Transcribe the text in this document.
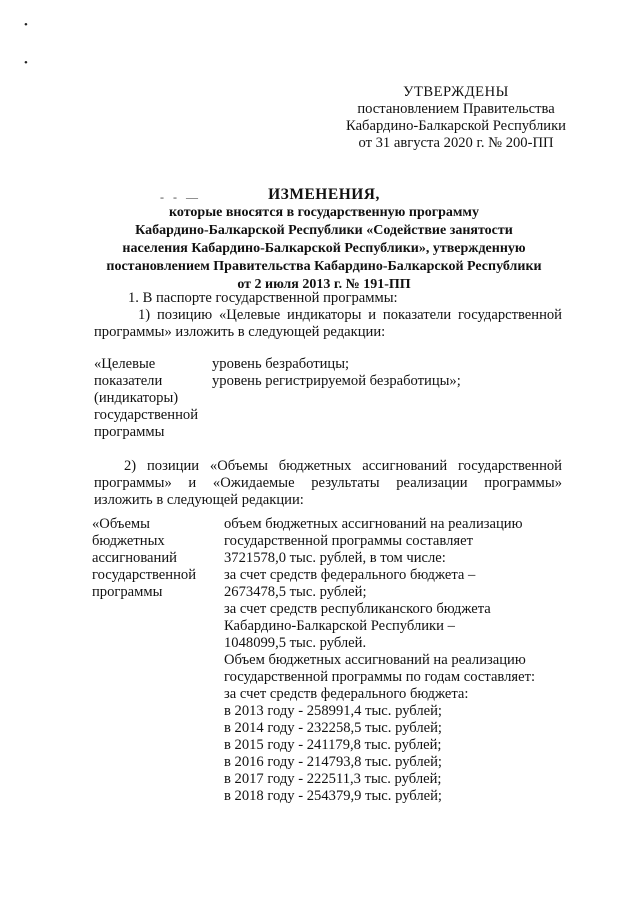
•
•
УТВЕРЖДЕНЫ
постановлением Правительства
Кабардино-Балкарской Республики
от 31 августа 2020 г. № 200-ПП
- - —	ИЗМЕНЕНИЯ,
которые вносятся в государственную программу
Кабардино-Балкарской Республики «Содействие занятости
населения Кабардино-Балкарской Республики», утвержденную
постановлением Правительства Кабардино-Балкарской Республики
от 2 июля 2013 г. № 191-ПП
1. В паспорте государственной программы:
1) позицию «Целевые индикаторы и показатели государственной
программы» изложить в следующей редакции:
«Целевые
показатели
(индикаторы)
государственной
программы
уровень безработицы;
уровень регистрируемой безработицы»;
2) позиции «Объемы бюджетных ассигнований государственной
программы» и «Ожидаемые результаты реализации программы»
изложить в следующей редакции:
«Объемы
бюджетных
ассигнований
государственной
программы
объем бюджетных ассигнований на реализацию
государственной программы составляет
3721578,0 тыс. рублей, в том числе:
за счет средств федерального бюджета –
2673478,5 тыс. рублей;
за счет средств республиканского бюджета
Кабардино-Балкарской Республики –
1048099,5 тыс. рублей.
Объем бюджетных ассигнований на реализацию
государственной программы по годам составляет:
за счет средств федерального бюджета:
в 2013 году - 258991,4 тыс. рублей;
в 2014 году - 232258,5 тыс. рублей;
в 2015 году - 241179,8 тыс. рублей;
в 2016 году - 214793,8 тыс. рублей;
в 2017 году - 222511,3 тыс. рублей;
в 2018 году - 254379,9 тыс. рублей;
